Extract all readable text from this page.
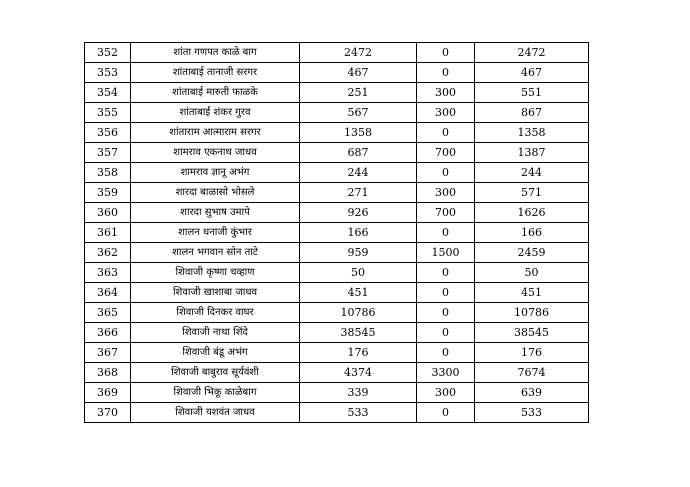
352	शांता गणपत काळे बाग	2472	0	2472
353	शांताबाई तानाजी सरगर	467	0	467
354	शांताबाई मारुती फाळके	251	300	551
355	शांताबाई शंकर गुरव	567	300	867
356	शांताराम आत्माराम सरगर	1358	0	1358
357	शामराव एकनाथ जाधव	687	700	1387
358	शामराव ज्ञानू अभंग	244	0	244
359	शारदा बाळासो भोसले	271	300	571
360	शारदा सुभाष उमापे	926	700	1626
361	शालन धनाजी कुंभार	166	0	166
362	शालन भगवान सोन ताटे	959	1500	2459
363	शिवाजी कृष्णा चव्हाण	50	0	50
364	शिवाजी खाशाबा जाधव	451	0	451
365	शिवाजी दिनकर वाघर	10786	0	10786
366	शिवाजी नाथा शिंदे	38545	0	38545
367	शिवाजी बंडू अभंग	176	0	176
368	शिवाजी बाबुराव सूर्यवंशी	4374	3300	7674
369	शिवाजी भिकू काळेबाग	339	300	639
370	शिवाजी यशवंत जाधव	533	0	533
